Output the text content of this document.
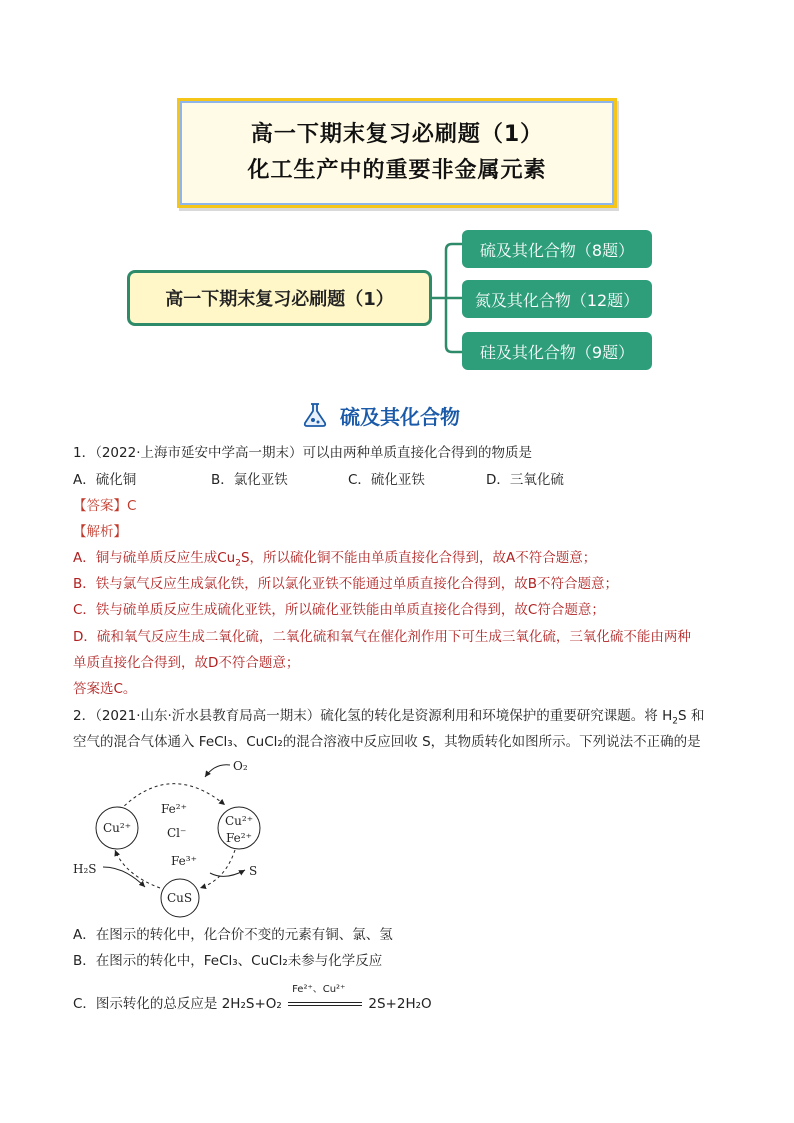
高一下期末复习必刷题（1）
化工生产中的重要非金属元素
高一下期末复习必刷题（1）
硫及其化合物（8题）
氮及其化合物（12题）
硅及其化合物（9题）
硫及其化合物
1．（2022·上海市延安中学高一期末）可以由两种单质直接化合得到的物质是
A．硫化铜	B．氯化亚铁	C．硫化亚铁	D．三氧化硫
【答案】C
【解析】
A．铜与硫单质反应生成$Cu_2S$，所以硫化铜不能由单质直接化合得到，故A不符合题意；
B．铁与氯气反应生成氯化铁，所以氯化亚铁不能通过单质直接化合得到，故B不符合题意；
C．铁与硫单质反应生成硫化亚铁，所以硫化亚铁能由单质直接化合得到，故C符合题意；
D．硫和氧气反应生成二氧化硫，二氧化硫和氧气在催化剂作用下可生成三氧化硫，三氧化硫不能由两种
单质直接化合得到，故D不符合题意；
答案选C。
2．（2021·山东·沂水县教育局高一期末）硫化氢的转化是资源利用和环境保护的重要研究课题。将 $H_2S$ 和
空气的混合气体通入 FeCl₃、CuCl₂的混合溶液中反应回收 S，其物质转化如图所示。下列说法不正确的是
O₂
Fe²⁺
Cl⁻
Cu²⁺	Cu²⁺
Fe²⁺
Fe³⁺
H₂S	S
CuS
A．在图示的转化中，化合价不变的元素有铜、氯、氢
B．在图示的转化中，FeCl₃、CuCl₂未参与化学反应
C．图示转化的总反应是 2H₂S+O₂
Fe²⁺、Cu²⁺
2S+2H₂O
